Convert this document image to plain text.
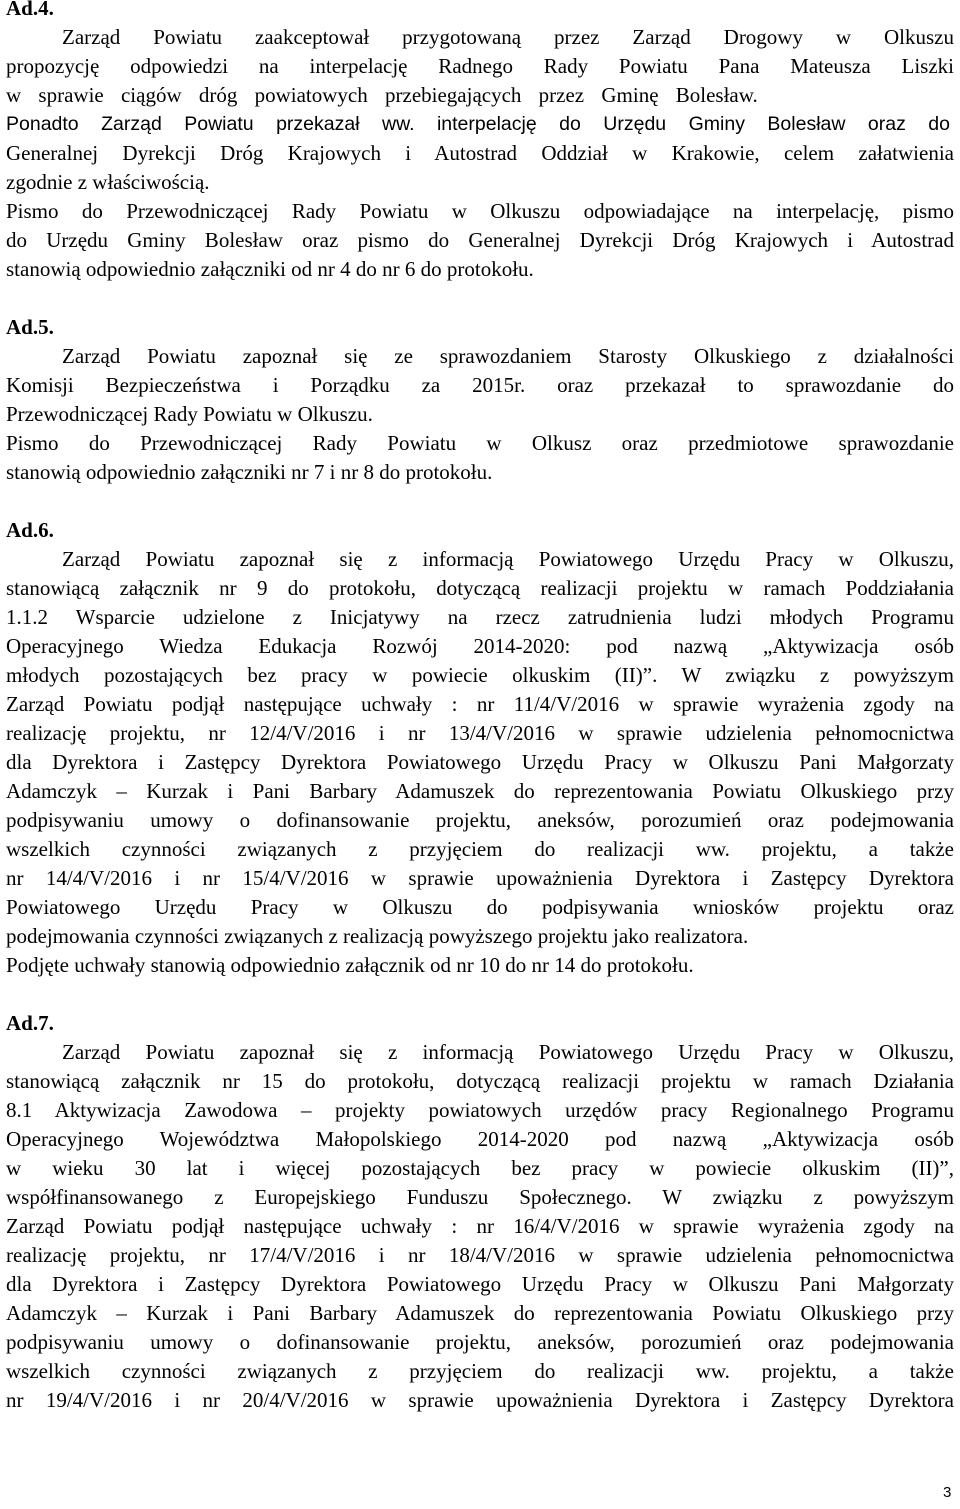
Ad.4.
Zarząd Powiatu zaakceptował przygotowaną przez Zarząd Drogowy w Olkuszu
propozycję odpowiedzi na interpelację Radnego Rady Powiatu Pana Mateusza Liszki
w sprawie ciągów dróg powiatowych przebiegających przez Gminę Bolesław.
Ponadto Zarząd Powiatu przekazał ww. interpelację do Urzędu Gminy Bolesław oraz do
Generalnej Dyrekcji Dróg Krajowych i Autostrad Oddział w Krakowie, celem załatwienia
zgodnie z właściwością.
Pismo do Przewodniczącej Rady Powiatu w Olkuszu odpowiadające na interpelację, pismo
do Urzędu Gminy Bolesław oraz pismo do Generalnej Dyrekcji Dróg Krajowych i Autostrad
stanowią odpowiednio załączniki od nr 4 do nr 6 do protokołu.
Ad.5.
Zarząd Powiatu zapoznał się ze sprawozdaniem Starosty Olkuskiego z działalności
Komisji Bezpieczeństwa i Porządku za 2015r. oraz przekazał to sprawozdanie do
Przewodniczącej Rady Powiatu w Olkuszu.
Pismo do Przewodniczącej Rady Powiatu w Olkusz oraz przedmiotowe sprawozdanie
stanowią odpowiednio załączniki nr 7 i nr 8 do protokołu.
Ad.6.
Zarząd Powiatu zapoznał się z informacją Powiatowego Urzędu Pracy w Olkuszu,
stanowiącą załącznik nr 9 do protokołu, dotyczącą realizacji projektu w ramach Poddziałania
1.1.2 Wsparcie udzielone z Inicjatywy na rzecz zatrudnienia ludzi młodych Programu
Operacyjnego Wiedza Edukacja Rozwój 2014-2020: pod nazwą „Aktywizacja osób
młodych pozostających bez pracy w powiecie olkuskim (II)”. W związku z powyższym
Zarząd Powiatu podjął następujące uchwały : nr 11/4/V/2016 w sprawie wyrażenia zgody na
realizację projektu, nr 12/4/V/2016 i nr 13/4/V/2016 w sprawie udzielenia pełnomocnictwa
dla Dyrektora i Zastępcy Dyrektora Powiatowego Urzędu Pracy w Olkuszu Pani Małgorzaty
Adamczyk – Kurzak i Pani Barbary Adamuszek do reprezentowania Powiatu Olkuskiego przy
podpisywaniu umowy o dofinansowanie projektu, aneksów, porozumień oraz podejmowania
wszelkich czynności związanych z przyjęciem do realizacji ww. projektu, a także
nr 14/4/V/2016 i nr 15/4/V/2016 w sprawie upoważnienia Dyrektora i Zastępcy Dyrektora
Powiatowego Urzędu Pracy w Olkuszu do podpisywania wniosków projektu oraz
podejmowania czynności związanych z realizacją powyższego projektu jako realizatora.
Podjęte uchwały stanowią odpowiednio załącznik od nr 10 do nr 14 do protokołu.
Ad.7.
Zarząd Powiatu zapoznał się z informacją Powiatowego Urzędu Pracy w Olkuszu,
stanowiącą załącznik nr 15 do protokołu, dotyczącą realizacji projektu w ramach Działania
8.1 Aktywizacja Zawodowa – projekty powiatowych urzędów pracy Regionalnego Programu
Operacyjnego Województwa Małopolskiego 2014-2020 pod nazwą „Aktywizacja osób
w wieku 30 lat i więcej pozostających bez pracy w powiecie olkuskim (II)”,
współfinansowanego z Europejskiego Funduszu Społecznego. W związku z powyższym
Zarząd Powiatu podjął następujące uchwały : nr 16/4/V/2016 w sprawie wyrażenia zgody na
realizację projektu, nr 17/4/V/2016 i nr 18/4/V/2016 w sprawie udzielenia pełnomocnictwa
dla Dyrektora i Zastępcy Dyrektora Powiatowego Urzędu Pracy w Olkuszu Pani Małgorzaty
Adamczyk – Kurzak i Pani Barbary Adamuszek do reprezentowania Powiatu Olkuskiego przy
podpisywaniu umowy o dofinansowanie projektu, aneksów, porozumień oraz podejmowania
wszelkich czynności związanych z przyjęciem do realizacji ww. projektu, a także
nr 19/4/V/2016 i nr 20/4/V/2016 w sprawie upoważnienia Dyrektora i Zastępcy Dyrektora
3
